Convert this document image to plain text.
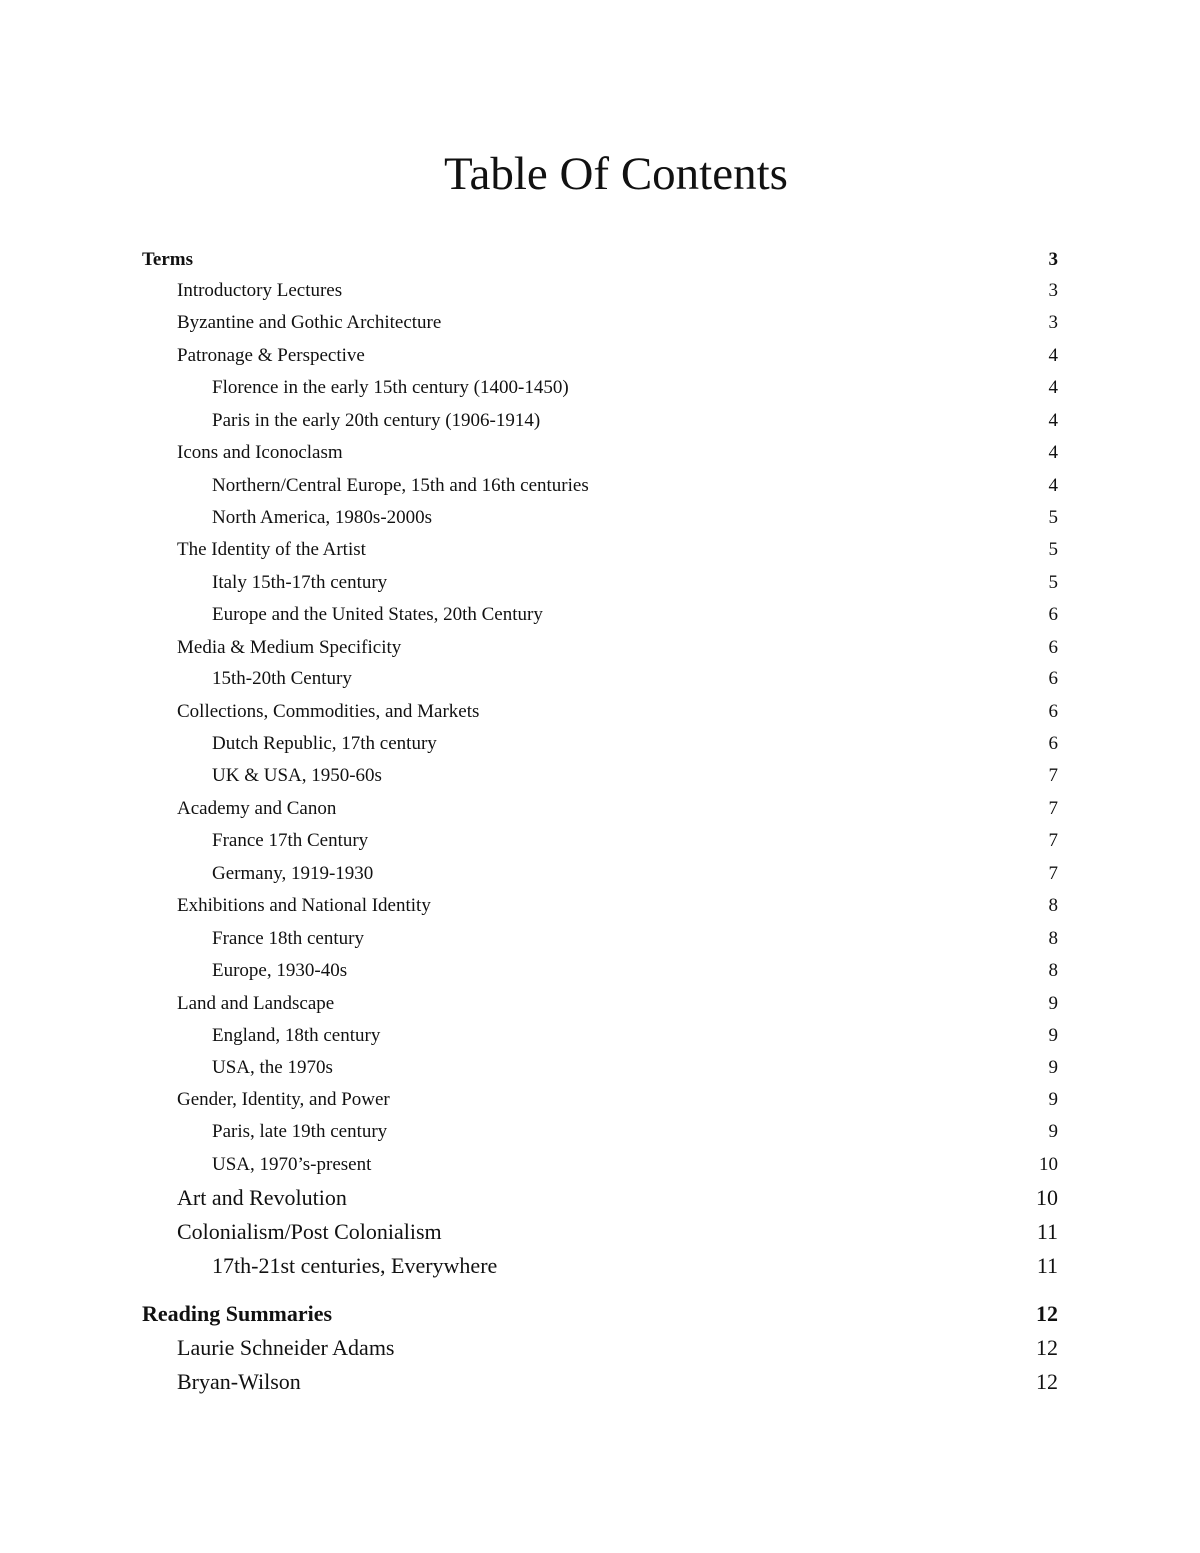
Table Of Contents
Terms	3
Introductory Lectures	3
Byzantine and Gothic Architecture	3
Patronage & Perspective	4
Florence in the early 15th century (1400-1450)	4
Paris in the early 20th century (1906-1914)	4
Icons and Iconoclasm	4
Northern/Central Europe, 15th and 16th centuries	4
North America, 1980s-2000s	5
The Identity of the Artist	5
Italy 15th-17th century	5
Europe and the United States, 20th Century	6
Media & Medium Specificity	6
15th-20th Century	6
Collections, Commodities, and Markets	6
Dutch Republic, 17th century	6
UK & USA, 1950-60s	7
Academy and Canon	7
France 17th Century	7
Germany, 1919-1930	7
Exhibitions and National Identity	8
France 18th century	8
Europe, 1930-40s	8
Land and Landscape	9
England, 18th century	9
USA, the 1970s	9
Gender, Identity, and Power	9
Paris, late 19th century	9
USA, 1970’s-present	10
Art and Revolution	10
Colonialism/Post Colonialism	11
17th-21st centuries, Everywhere	11
Reading Summaries	12
Laurie Schneider Adams	12
Bryan-Wilson	12
